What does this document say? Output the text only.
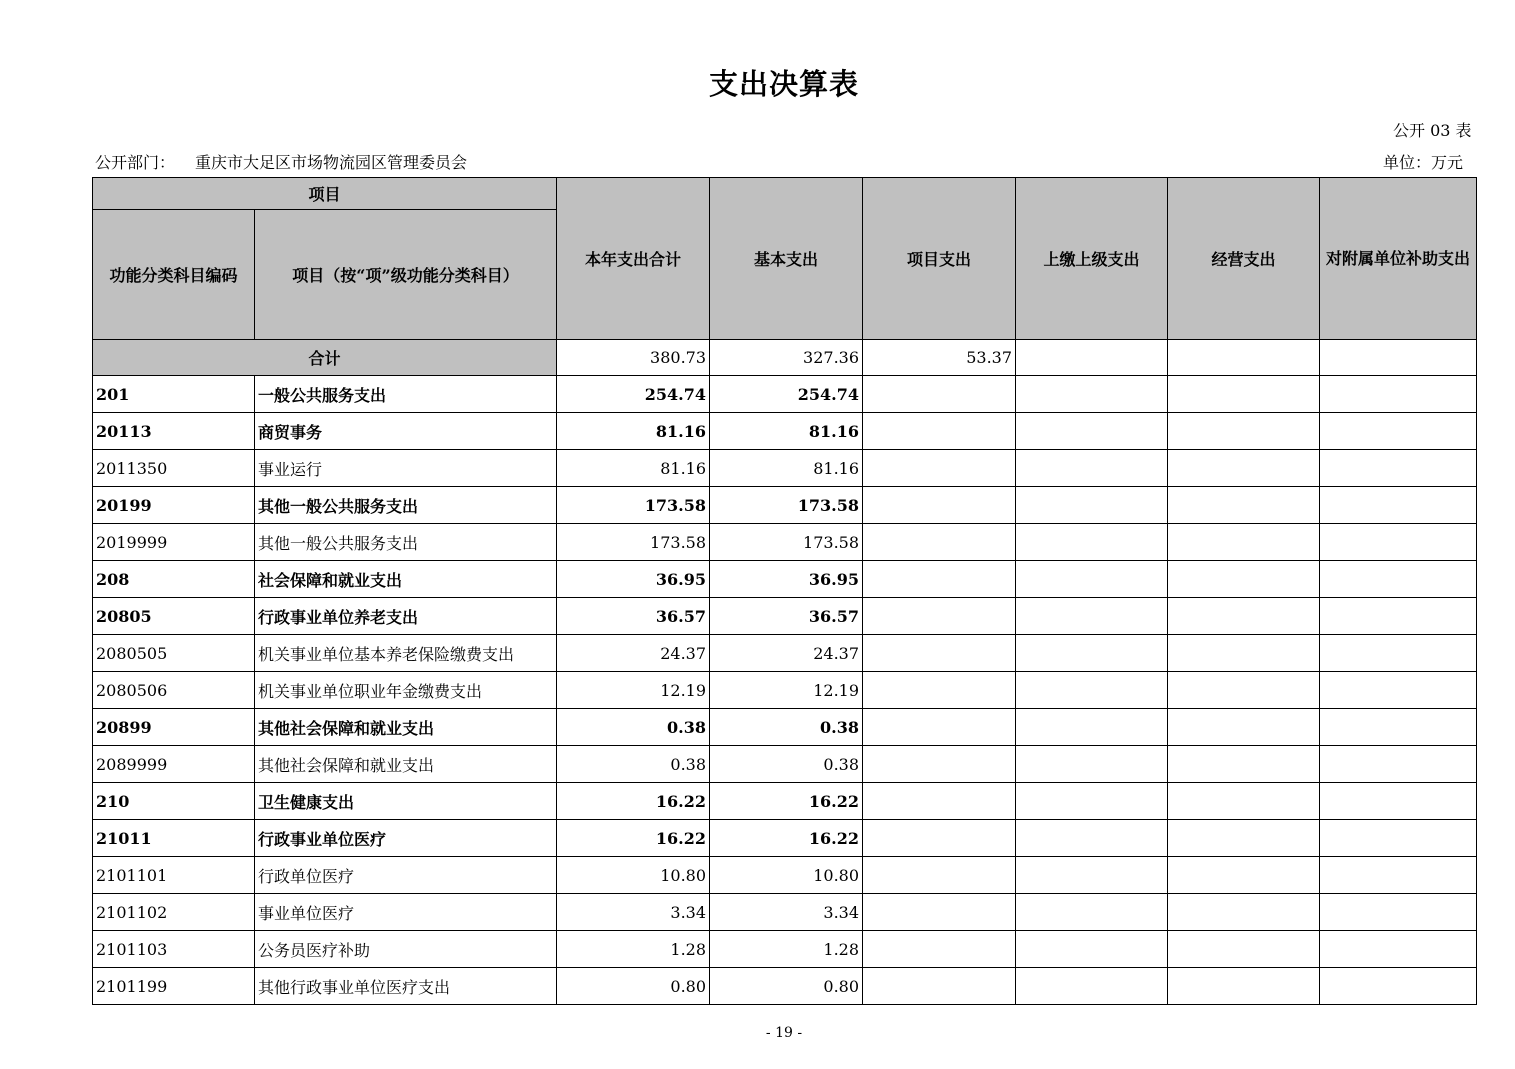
支出决算表
公开 03 表
公开部门： 重庆市大足区市场物流园区管理委员会	单位：万元
项目		本年支出合计	基本支出	项目支出	上缴上级支出	经营支出	对附属单位补助支出
功能分类科目编码	项目（按“项”级功能分类科目）						
合计		380.73	327.36	53.37			
201	一般公共服务支出	254.74	254.74				
20113	商贸事务	81.16	81.16				
2011350	事业运行	81.16	81.16				
20199	其他一般公共服务支出	173.58	173.58				
2019999	其他一般公共服务支出	173.58	173.58				
208	社会保障和就业支出	36.95	36.95				
20805	行政事业单位养老支出	36.57	36.57				
2080505	机关事业单位基本养老保险缴费支出	24.37	24.37				
2080506	机关事业单位职业年金缴费支出	12.19	12.19				
20899	其他社会保障和就业支出	0.38	0.38				
2089999	其他社会保障和就业支出	0.38	0.38				
210	卫生健康支出	16.22	16.22				
21011	行政事业单位医疗	16.22	16.22				
2101101	行政单位医疗	10.80	10.80				
2101102	事业单位医疗	3.34	3.34				
2101103	公务员医疗补助	1.28	1.28				
2101199	其他行政事业单位医疗支出	0.80	0.80				
- 19 -
